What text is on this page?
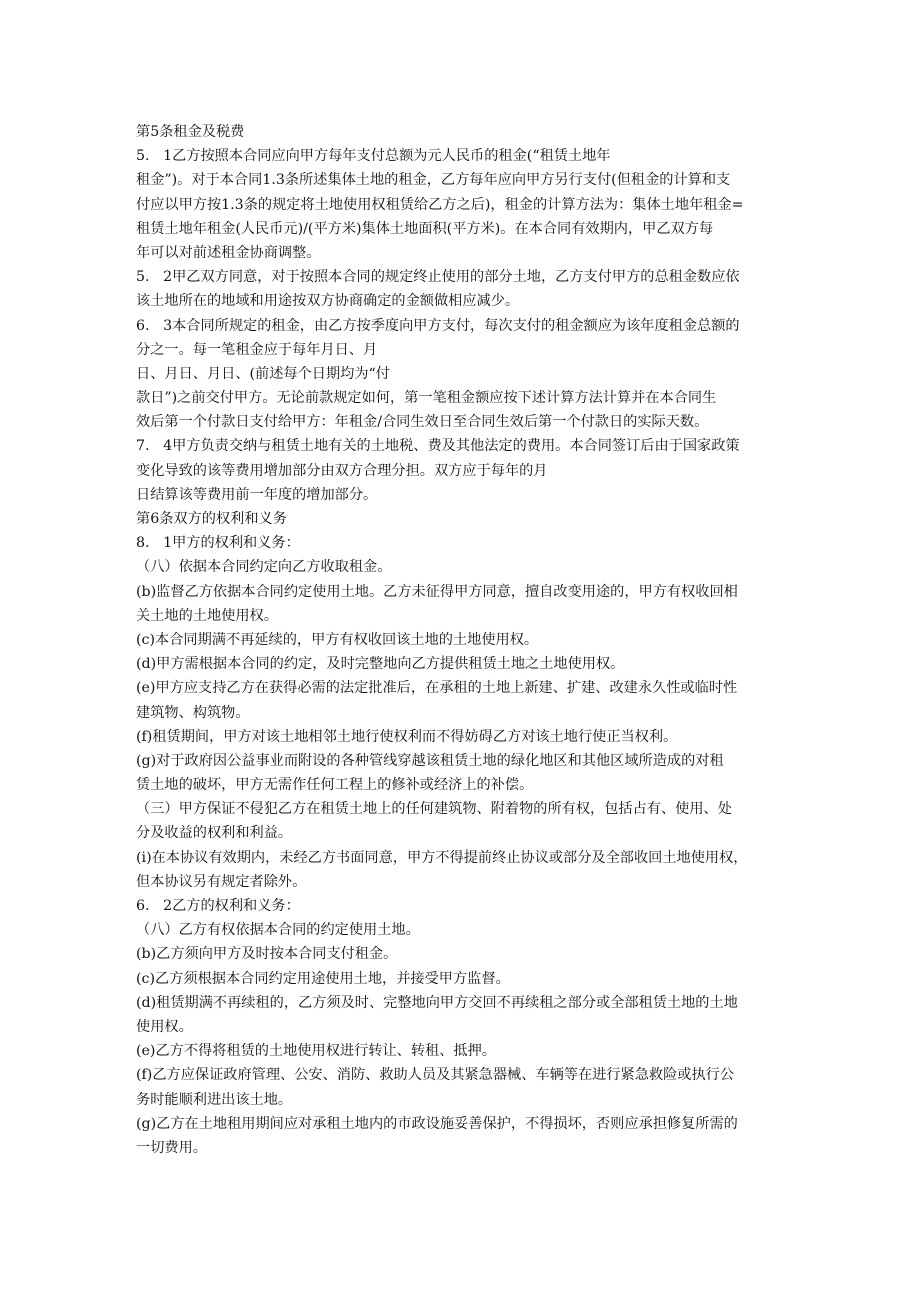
第5条租金及税费
5.   1乙方按照本合同应向甲方每年支付总额为元人民币的租金(“租赁土地年
租金”)。对于本合同1.3条所述集体土地的租金，乙方每年应向甲方另行支付(但租金的计算和支
付应以甲方按1.3条的规定将土地使用权租赁给乙方之后)，租金的计算方法为：集体土地年租金=
租赁土地年租金(人民币元)/(平方米)集体土地面积(平方米)。在本合同有效期内，甲乙双方每
年可以对前述租金协商调整。
5.   2甲乙双方同意，对于按照本合同的规定终止使用的部分土地，乙方支付甲方的总租金数应依
该土地所在的地域和用途按双方协商确定的金额做相应减少。
6.   3本合同所规定的租金，由乙方按季度向甲方支付，每次支付的租金额应为该年度租金总额的
分之一。每一笔租金应于每年月日、月
日、月日、月日、(前述每个日期均为“付
款日”)之前交付甲方。无论前款规定如何，第一笔租金额应按下述计算方法计算并在本合同生
效后第一个付款日支付给甲方：年租金/合同生效日至合同生效后第一个付款日的实际天数。
7.   4甲方负责交纳与租赁土地有关的土地税、费及其他法定的费用。本合同签订后由于国家政策
变化导致的该等费用增加部分由双方合理分担。双方应于每年的月
日结算该等费用前一年度的增加部分。
第6条双方的权利和义务
8.   1甲方的权利和义务：
（八）依据本合同约定向乙方收取租金。
(b)监督乙方依据本合同约定使用土地。乙方未征得甲方同意，擅自改变用途的，甲方有权收回相
关土地的土地使用权。
(c)本合同期满不再延续的，甲方有权收回该土地的土地使用权。
(d)甲方需根据本合同的约定，及时完整地向乙方提供租赁土地之土地使用权。
(e)甲方应支持乙方在获得必需的法定批准后，在承租的土地上新建、扩建、改建永久性或临时性
建筑物、构筑物。
(f)租赁期间，甲方对该土地相邻土地行使权利而不得妨碍乙方对该土地行使正当权利。
(g)对于政府因公益事业而附设的各种管线穿越该租赁土地的绿化地区和其他区域所造成的对租
赁土地的破坏，甲方无需作任何工程上的修补或经济上的补偿。
（三）甲方保证不侵犯乙方在租赁土地上的任何建筑物、附着物的所有权，包括占有、使用、处
分及收益的权利和利益。
(i)在本协议有效期内，未经乙方书面同意，甲方不得提前终止协议或部分及全部收回土地使用权，
但本协议另有规定者除外。
6.   2乙方的权利和义务：
（八）乙方有权依据本合同的约定使用土地。
(b)乙方须向甲方及时按本合同支付租金。
(c)乙方须根据本合同约定用途使用土地，并接受甲方监督。
(d)租赁期满不再续租的，乙方须及时、完整地向甲方交回不再续租之部分或全部租赁土地的土地
使用权。
(e)乙方不得将租赁的土地使用权进行转让、转租、抵押。
(f)乙方应保证政府管理、公安、消防、救助人员及其紧急器械、车辆等在进行紧急救险或执行公
务时能顺利进出该土地。
(g)乙方在土地租用期间应对承租土地内的市政设施妥善保护，不得损坏，否则应承担修复所需的
一切费用。
